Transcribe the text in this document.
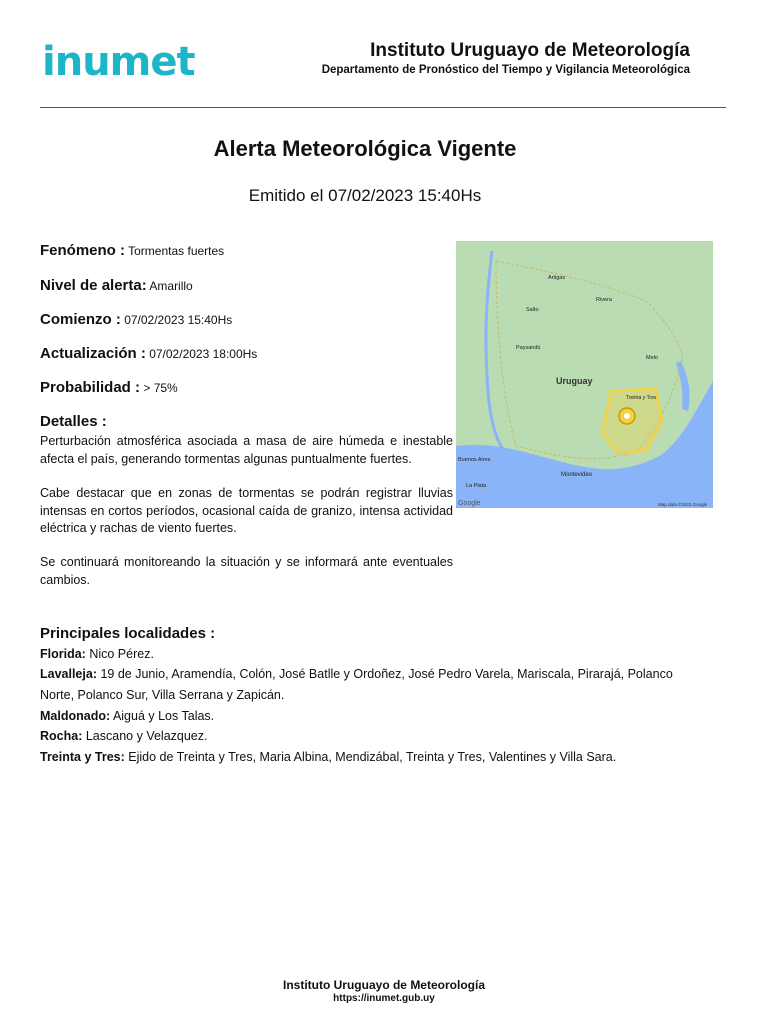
inumet	Instituto Uruguayo de Meteorología
Departamento de Pronóstico del Tiempo y Vigilancia Meteorológica
Alerta Meteorológica Vigente
Emitido el 07/02/2023 15:40Hs
Fenómeno : Tormentas fuertes
Nivel de alerta: Amarillo
Comienzo : 07/02/2023 15:40Hs
Actualización : 07/02/2023 18:00Hs
Probabilidad : > 75%
Detalles :
Perturbación atmosférica asociada a masa de aire húmeda e inestable afecta el país, generando tormentas algunas puntualmente fuertes.
Cabe destacar que en zonas de tormentas se podrán registrar lluvias intensas en cortos períodos, ocasional caída de granizo, intensa actividad eléctrica y rachas de viento fuertes.
Se continuará monitoreando la situación y se informará ante eventuales cambios.
Uruguay
Montevideo
Buenos Aires
La Plata
Artigas
Salto
Paysandú
Rivera
Melo
Treinta y Tres
Google	Map data ©2023 Google
Principales localidades :
Florida: Nico Pérez.
Lavalleja: 19 de Junio, Aramendía, Colón, José Batlle y Ordoñez, José Pedro Varela, Mariscala, Pirarajá, Polanco
Norte, Polanco Sur, Villa Serrana y Zapicán.
Maldonado: Aiguá y Los Talas.
Rocha: Lascano y Velazquez.
Treinta y Tres: Ejido de Treinta y Tres, Maria Albina, Mendizábal, Treinta y Tres, Valentines y Villa Sara.
Instituto Uruguayo de Meteorología
https://inumet.gub.uy
